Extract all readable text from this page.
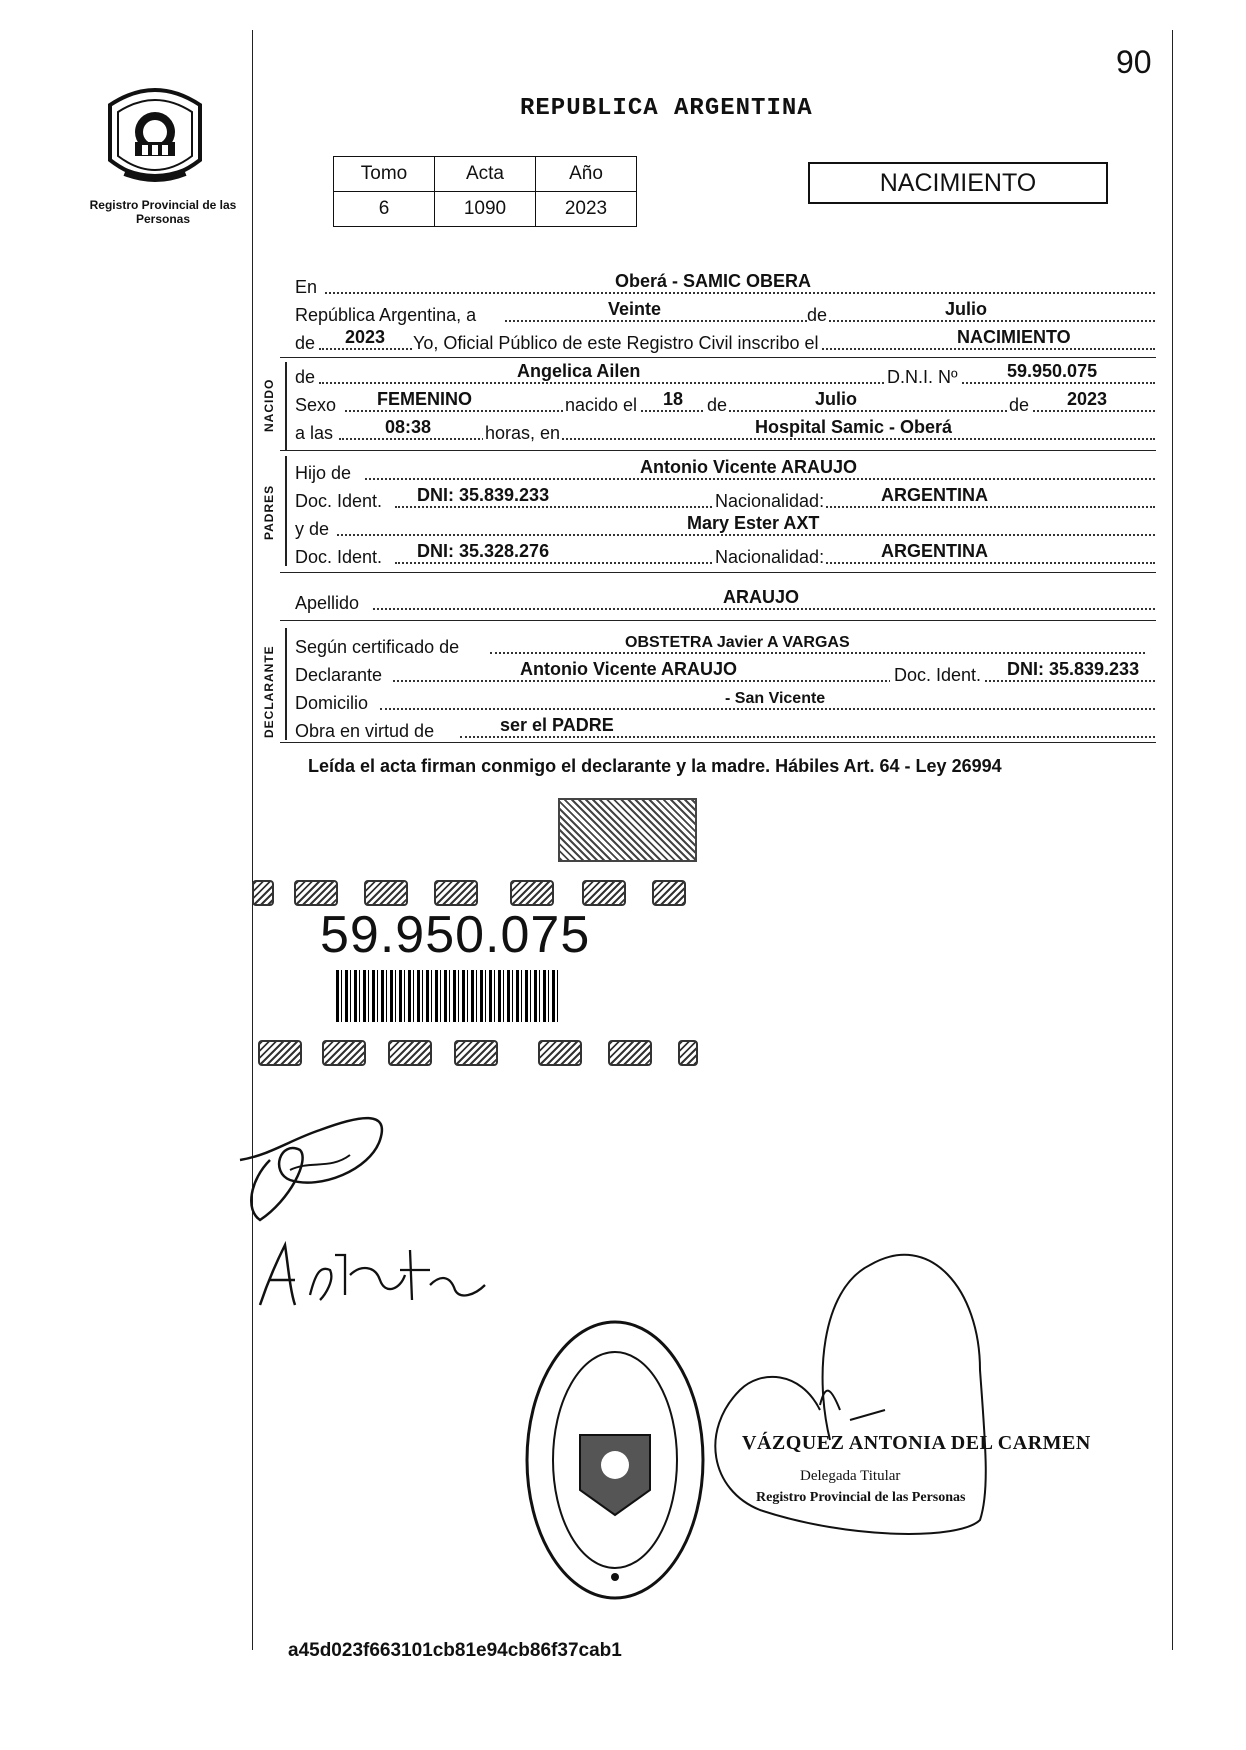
90
Registro Provincial de las Personas
REPUBLICA ARGENTINA
Tomo	Acta	Año
6	1090	2023
NACIMIENTO
En	Oberá - SAMIC OBERA
República Argentina, a	Veinte	de	Julio
de 2023 Yo, Oficial Público de este Registro Civil inscribo el	NACIMIENTO
NACIDO
de	Angelica Ailen	D.N.I. Nº	59.950.075
Sexo FEMENINO	nacido el 18 de	Julio	de 2023
a las	08:38	horas, en	Hospital Samic - Oberá
PADRES
Hijo de	Antonio Vicente ARAUJO
Doc. Ident. DNI: 35.839.233	Nacionalidad:	ARGENTINA
y de	Mary Ester AXT
Doc. Ident. DNI: 35.328.276	Nacionalidad:	ARGENTINA
Apellido	ARAUJO
DECLARANTE Según certificado de	OBSTETRA Javier A VARGAS
Declarante	Antonio Vicente ARAUJO	Doc. Ident. DNI: 35.839.233
Domicilio	- San Vicente
Obra en virtud de	ser el PADRE
Leída el acta firman conmigo el declarante y la madre. Hábiles Art. 64 - Ley 26994
59.950.075
VÁZQUEZ ANTONIA DEL CARMEN
Delegada Titular
Registro Provincial de las Personas
a45d023f663101cb81e94cb86f37cab1
